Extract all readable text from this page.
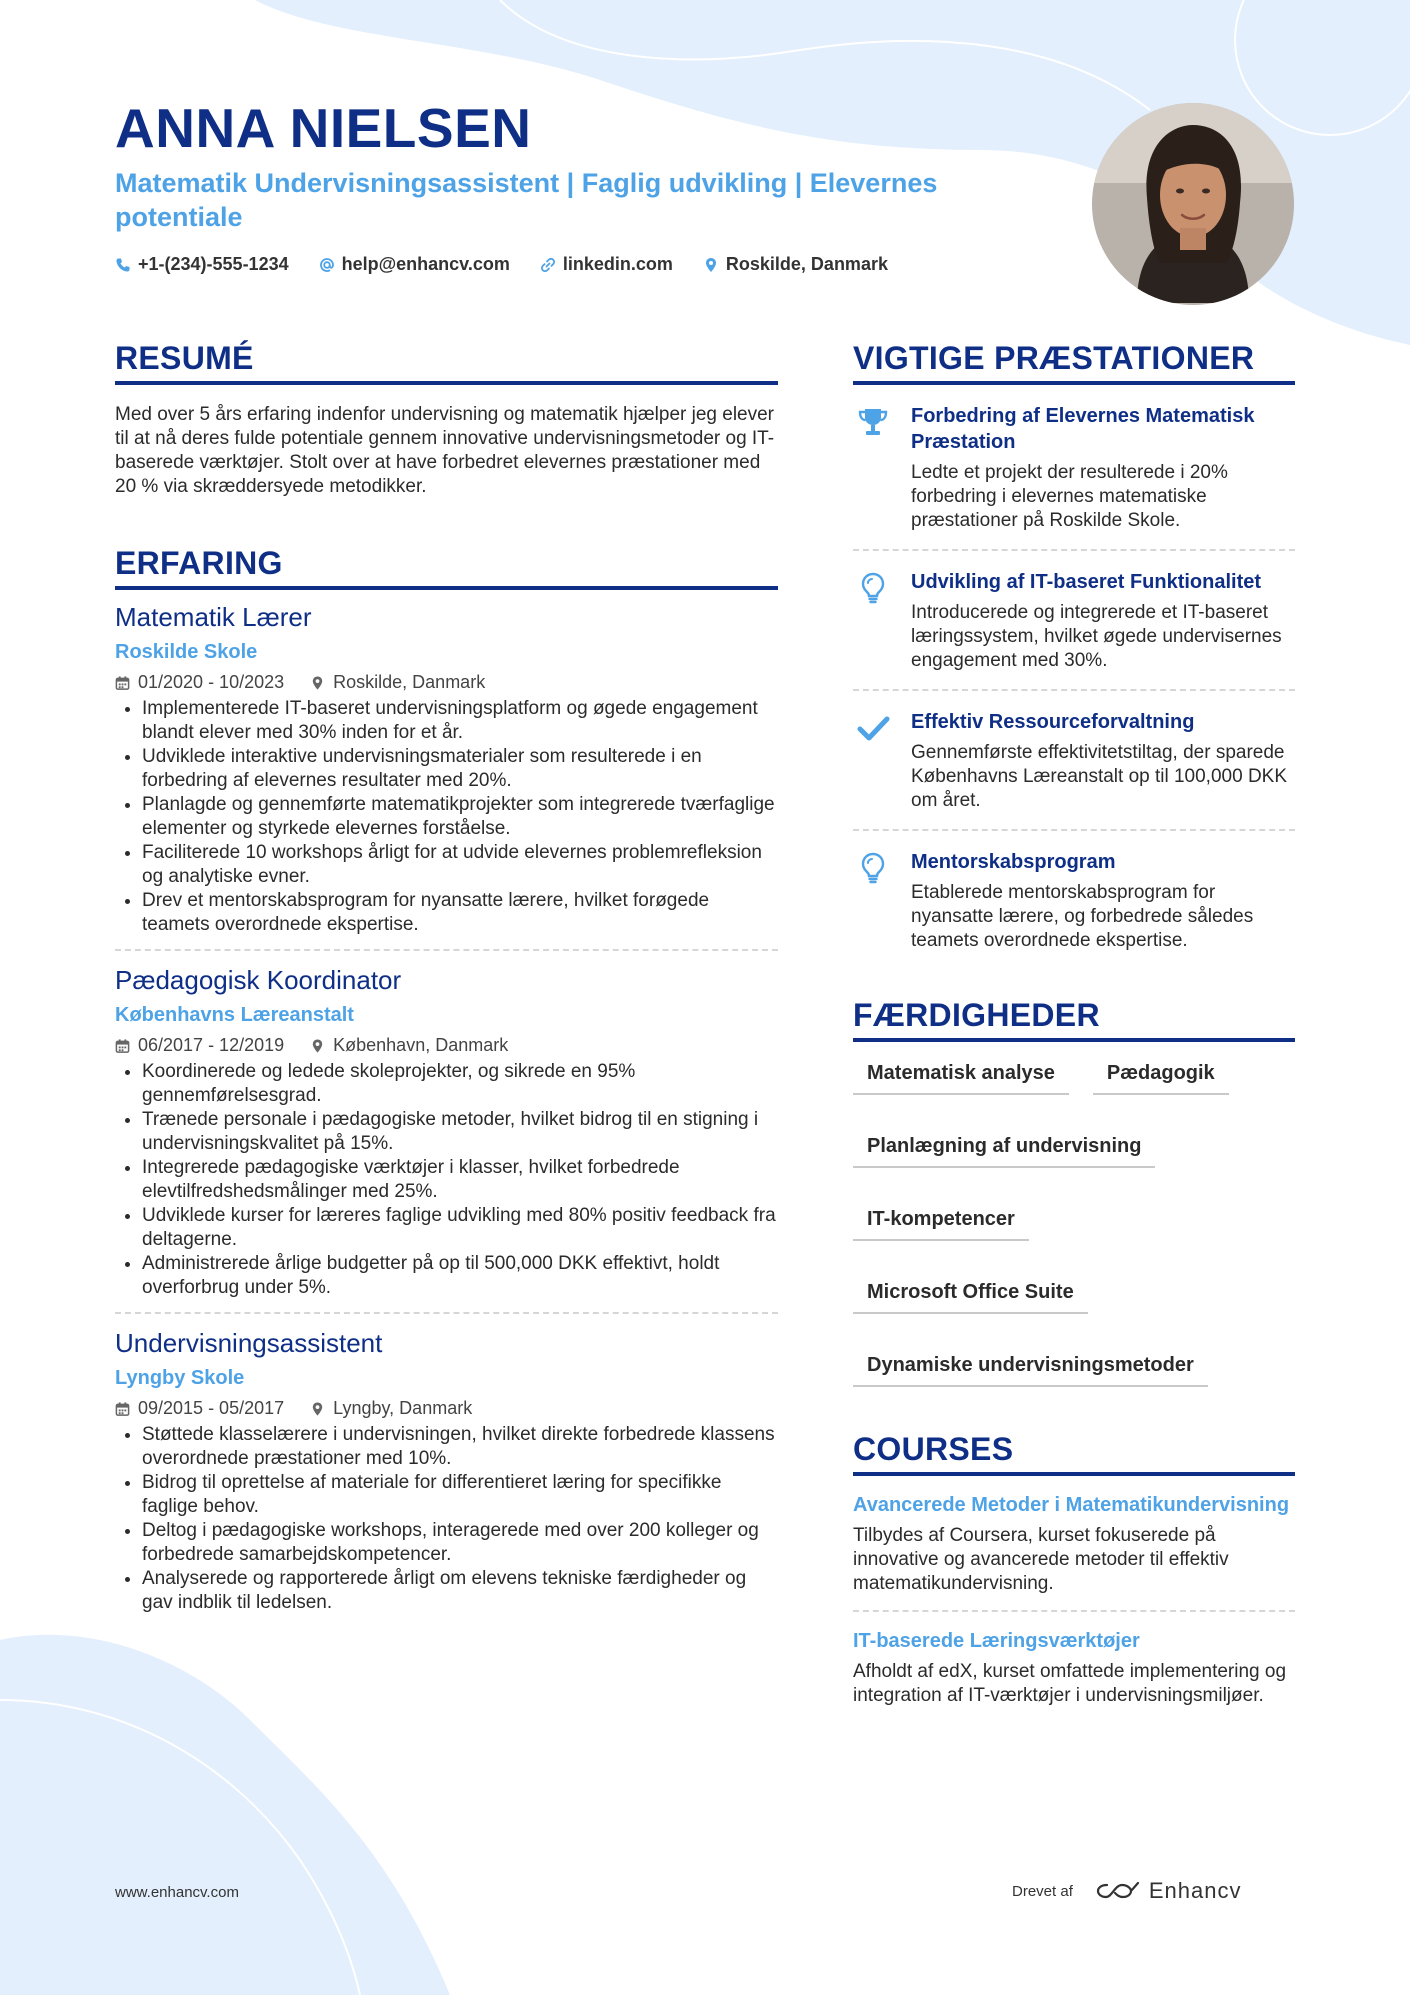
ANNA NIELSEN
Matematik Undervisningsassistent | Faglig udvikling | Elevernes potentiale
+1-(234)-555-1234	help@enhancv.com	linkedin.com	Roskilde, Danmark
RESUMÉ
Med over 5 års erfaring indenfor undervisning og matematik hjælper jeg elever til at nå deres fulde potentiale gennem innovative undervisningsmetoder og IT-baserede værktøjer. Stolt over at have forbedret elevernes præstationer med 20 % via skræddersyede metodikker.
ERFARING
Matematik Lærer
Roskilde Skole
01/2020 - 10/2023	Roskilde, Danmark
• Implementerede IT-baseret undervisningsplatform og øgede engagement blandt elever med 30% inden for et år.
• Udviklede interaktive undervisningsmaterialer som resulterede i en forbedring af elevernes resultater med 20%.
• Planlagde og gennemførte matematikprojekter som integrerede tværfaglige elementer og styrkede elevernes forståelse.
• Faciliterede 10 workshops årligt for at udvide elevernes problemrefleksion og analytiske evner.
• Drev et mentorskabsprogram for nyansatte lærere, hvilket forøgede teamets overordnede ekspertise.
Pædagogisk Koordinator
Københavns Læreanstalt
06/2017 - 12/2019	København, Danmark
• Koordinerede og ledede skoleprojekter, og sikrede en 95% gennemførelsesgrad.
• Trænede personale i pædagogiske metoder, hvilket bidrog til en stigning i undervisningskvalitet på 15%.
• Integrerede pædagogiske værktøjer i klasser, hvilket forbedrede elevtilfredshedsmålinger med 25%.
• Udviklede kurser for læreres faglige udvikling med 80% positiv feedback fra deltagerne.
• Administrerede årlige budgetter på op til 500,000 DKK effektivt, holdt overforbrug under 5%.
Undervisningsassistent
Lyngby Skole
09/2015 - 05/2017	Lyngby, Danmark
• Støttede klasselærere i undervisningen, hvilket direkte forbedrede klassens overordnede præstationer med 10%.
• Bidrog til oprettelse af materiale for differentieret læring for specifikke faglige behov.
• Deltog i pædagogiske workshops, interagerede med over 200 kolleger og forbedrede samarbejdskompetencer.
• Analyserede og rapporterede årligt om elevens tekniske færdigheder og gav indblik til ledelsen.
VIGTIGE PRÆSTATIONER
Forbedring af Elevernes Matematisk Præstation
Ledte et projekt der resulterede i 20% forbedring i elevernes matematiske præstationer på Roskilde Skole.
Udvikling af IT-baseret Funktionalitet
Introducerede og integrerede et IT-baseret læringssystem, hvilket øgede undervisernes engagement med 30%.
Effektiv Ressourceforvaltning
Gennemførste effektivitetstiltag, der sparede Københavns Læreanstalt op til 100,000 DKK om året.
Mentorskabsprogram
Etablerede mentorskabsprogram for nyansatte lærere, og forbedrede således teamets overordnede ekspertise.
FÆRDIGHEDER
Matematisk analyse	Pædagogik
Planlægning af undervisning
IT-kompetencer
Microsoft Office Suite
Dynamiske undervisningsmetoder
COURSES
Avancerede Metoder i Matematikundervisning
Tilbydes af Coursera, kurset fokuserede på innovative og avancerede metoder til effektiv matematikundervisning.
IT-baserede Læringsværktøjer
Afholdt af edX, kurset omfattede implementering og integration af IT-værktøjer i undervisningsmiljøer.
www.enhancv.com	Drevet af	Enhancv
